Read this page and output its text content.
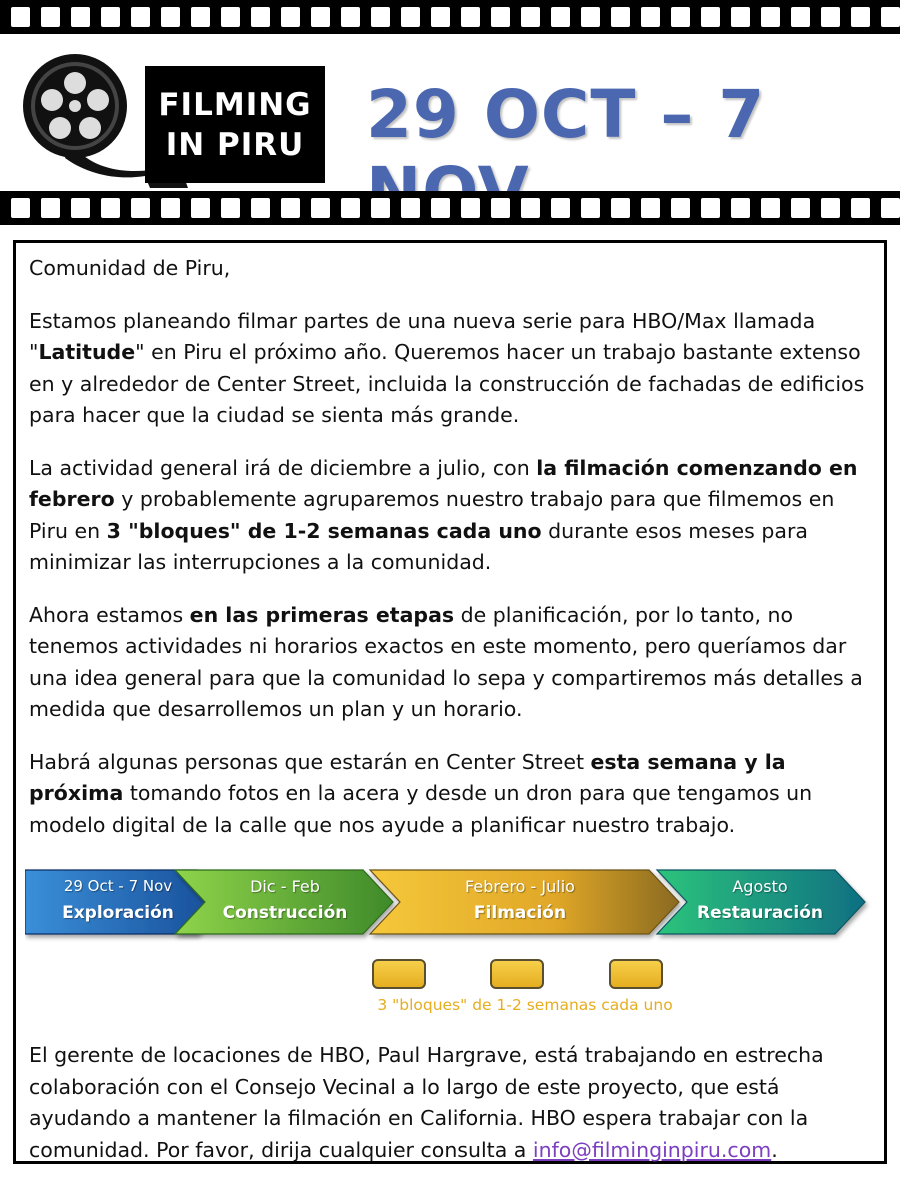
FILMING
IN PIRU 29 OCT – 7

Comunidad de Piru,

Estamos planeando filmar partes de una nueva serie para HBO/Max llamada "Latitude" en Piru el próximo año. Queremos hacer un trabajo bastante extenso en y alrededor de Center Street, incluida la construcción de fachadas de edificios para hacer que la ciudad se sienta más grande.

La actividad general irá de diciembre a julio, con la filmación comenzando en febrero y probablemente agruparemos nuestro trabajo para que filmemos en Piru en 3 "bloques" de 1-2 semanas cada uno durante esos meses para minimizar las interrupciones a la comunidad.

Ahora estamos en las primeras etapas de planificación, por lo tanto, no tenemos actividades ni horarios exactos en este momento, pero queríamos dar una idea general para que la comunidad lo sepa y compartiremos más detalles a medida que desarrollemos un plan y un horario.

Habrá algunas personas que estarán en Center Street esta semana y la próxima tomando fotos en la acera y desde un dron para que tengamos un modelo digital de la calle que nos ayude a planificar nuestro trabajo.

29 Oct - 7 Nov
Exploración
Dic - Feb
Construcción
Febrero - Julio
Filmación
Agosto
Restauración
3 "bloques" de 1-2 semanas cada uno

El gerente de locaciones de HBO, Paul Hargrave, está trabajando en estrecha colaboración con el Consejo Vecinal a lo largo de este proyecto, que está ayudando a mantener la filmación en California. HBO espera trabajar con la comunidad. Por favor, dirija cualquier consulta a info@filminginpiru.com.
